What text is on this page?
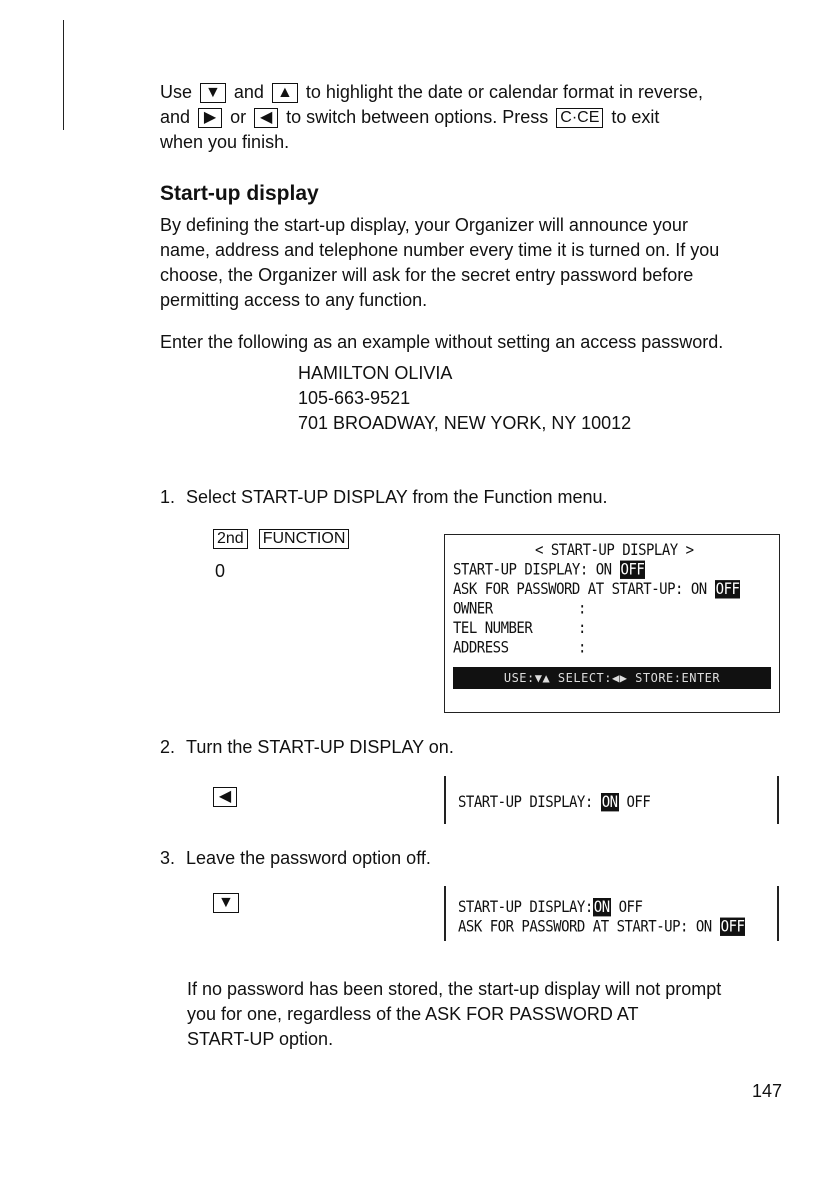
Use ▼ and ▲ to highlight the date or calendar format in reverse,
and ▶ or ◀ to switch between options. Press C·CE to exit
when you finish.
Start-up display
By defining the start-up display, your Organizer will announce your
name, address and telephone number every time it is turned on. If you
choose, the Organizer will ask for the secret entry password before
permitting access to any function.
Enter the following as an example without setting an access password.
HAMILTON OLIVIA
105-663-9521
701 BROADWAY, NEW YORK, NY 10012
1. Select START-UP DISPLAY from the Function menu.
2nd FUNCTION
0
< START-UP DISPLAY >
START-UP DISPLAY: ON OFF
ASK FOR PASSWORD AT START-UP: ON OFF
OWNER	:
TEL NUMBER	:
ADDRESS	:
USE:▼▲ SELECT:◀▶ STORE:ENTER
2. Turn the START-UP DISPLAY on.
◀	START-UP DISPLAY: ON OFF
3. Leave the password option off.
▼	START-UP DISPLAY:ON OFF
ASK FOR PASSWORD AT START-UP: ON OFF
If no password has been stored, the start-up display will not prompt
you for one, regardless of the ASK FOR PASSWORD AT
START-UP option.
147
